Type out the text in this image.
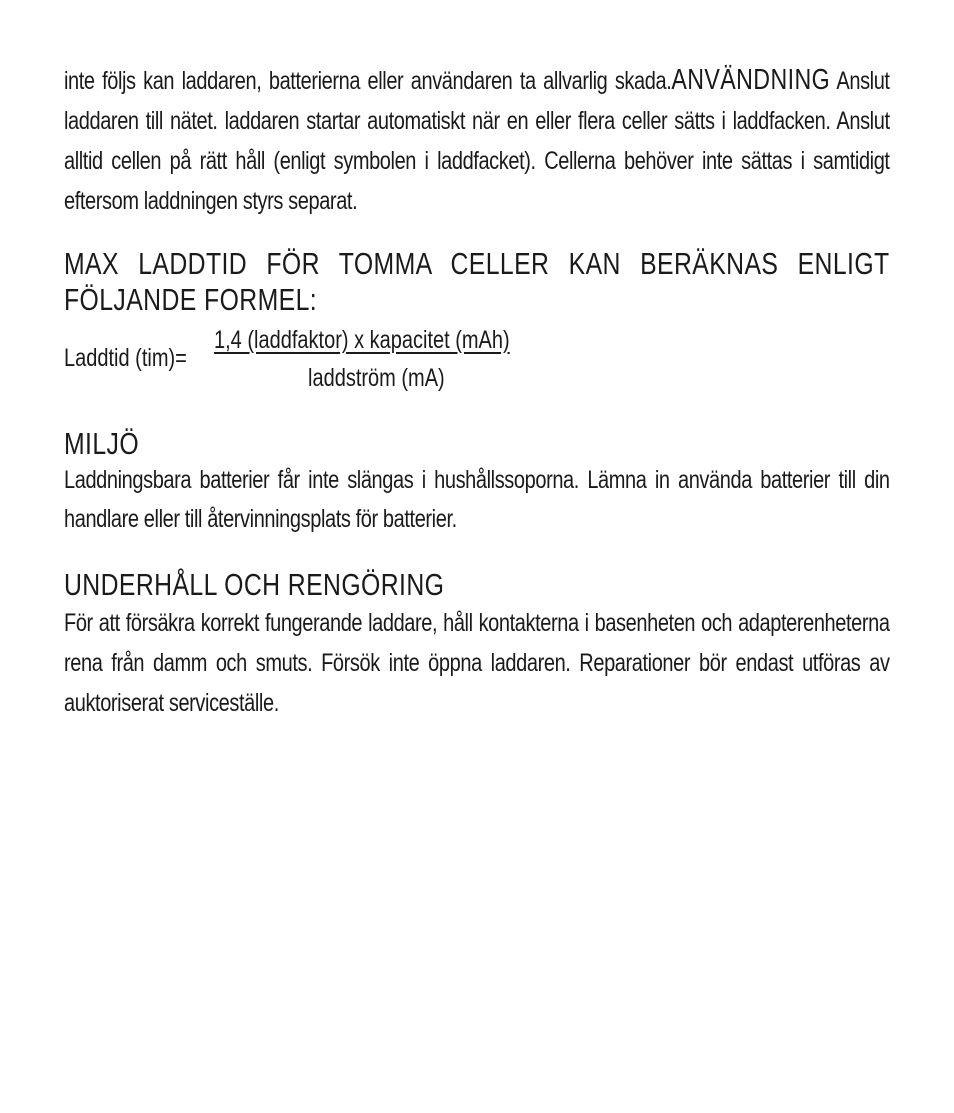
inte följs kan laddaren, batterierna eller användaren ta allvarlig skada.ANVÄNDNING Anslut laddaren till nätet. laddaren startar automatiskt när en eller flera celler sätts i laddfacken. Anslut alltid cellen på rätt håll (enligt symbolen i laddfacket). Cellerna behöver inte sättas i samtidigt eftersom laddningen styrs separat.

MAX LADDTID FÖR TOMMA CELLER KAN BERÄKNAS ENLIGT FÖLJANDE FORMEL:
Laddtid (tim)=
1,4 (laddfaktor) x kapacitet (mAh)
laddström (mA)
MILJÖ

Laddningsbara batterier får inte slängas i hushållssoporna. Lämna in använda batterier till din handlare eller till återvinningsplats för batterier.

UNDERHÅLL OCH RENGÖRING

För att försäkra korrekt fungerande laddare, håll kontakterna i basenheten och adapterenheterna rena från damm och smuts. Försök inte öppna laddaren. Reparationer bör endast utföras av auktoriserat serviceställe.
